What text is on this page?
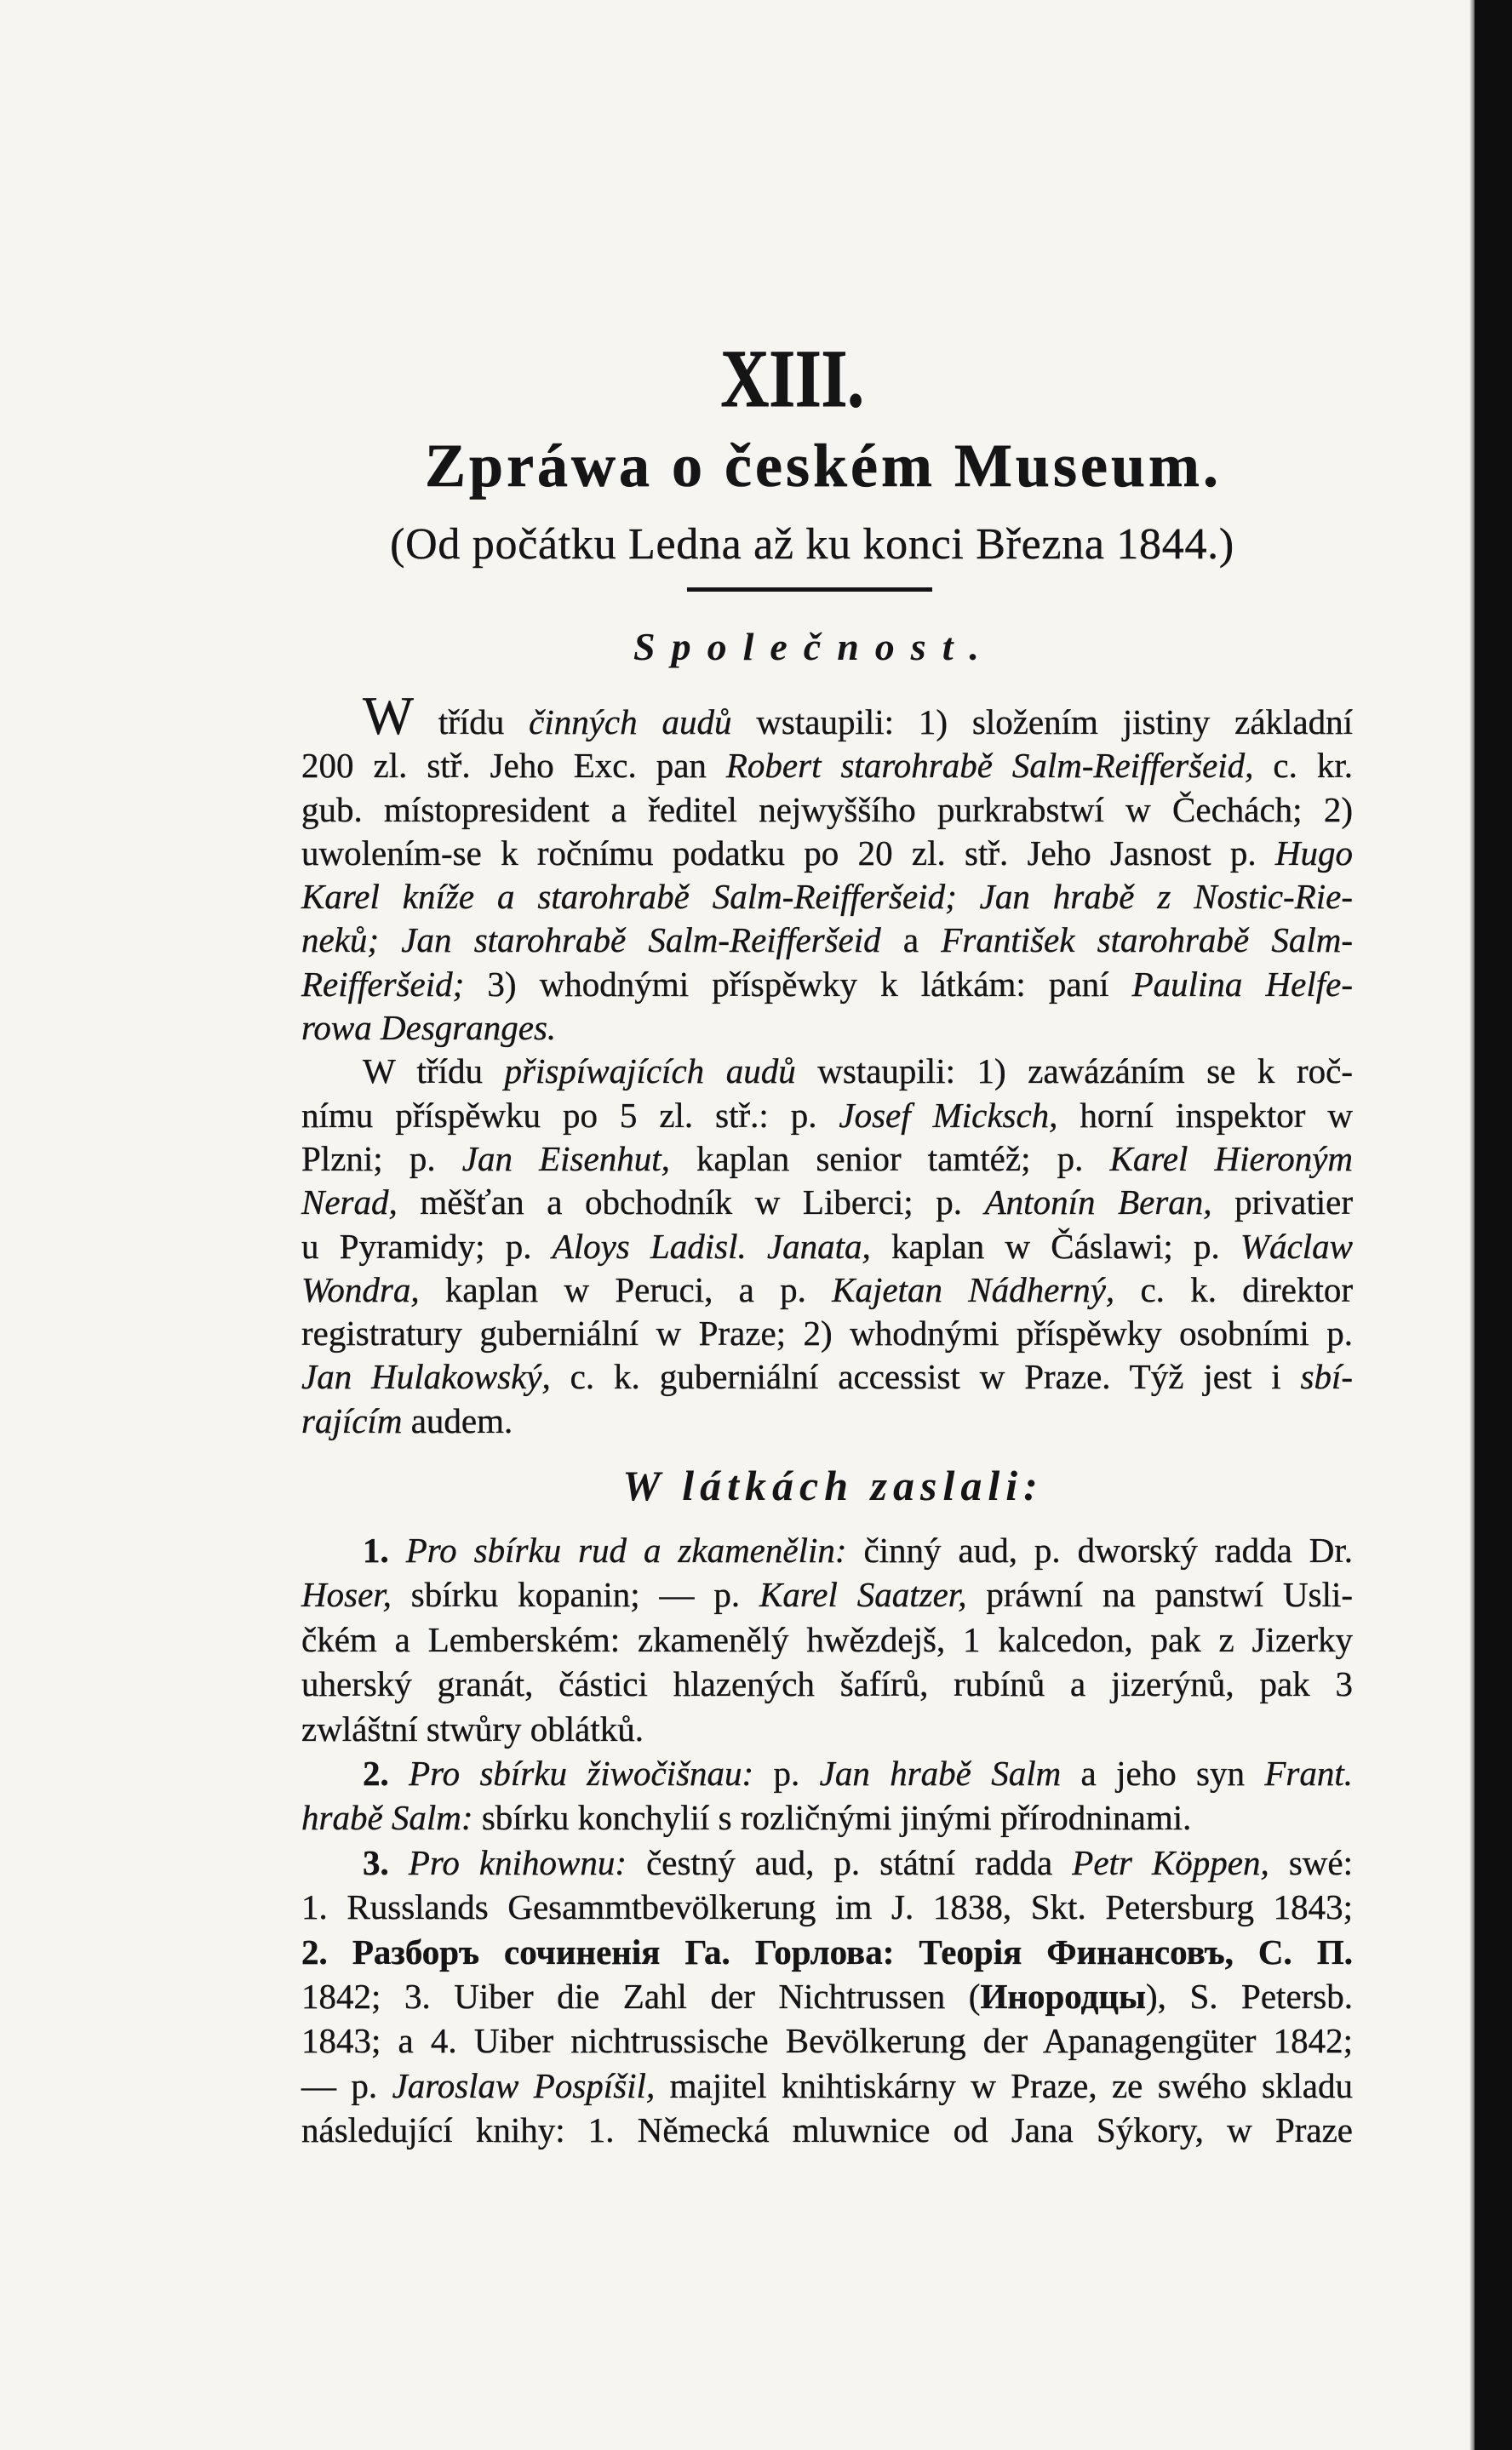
XIII.
Zpráwa o českém Museum.
(Od počátku Ledna až ku konci Března 1844.)
Společnost.
W třídu činných audů wstaupili: 1) složením jistiny základní
200 zl. stř. Jeho Exc. pan Robert starohrabě Salm-Reifferšeid, c. kr.
gub. místopresident a ředitel nejwyššího purkrabstwí w Čechách; 2)
uwolením-se k ročnímu podatku po 20 zl. stř. Jeho Jasnost p. Hugo
Karel kníže a starohrabě Salm-Reifferšeid; Jan hrabě z Nostic-Rie-
neků; Jan starohrabě Salm-Reifferšeid a František starohrabě Salm-
Reifferšeid; 3) whodnými příspěwky k látkám: paní Paulina Helfe-
rowa Desgranges.
W třídu přispíwajících audů wstaupili: 1) zawázáním se k roč-
nímu příspěwku po 5 zl. stř.: p. Josef Micksch, horní inspektor w
Plzni; p. Jan Eisenhut, kaplan senior tamtéž; p. Karel Hieroným
Nerad, měšťan a obchodník w Liberci; p. Antonín Beran, privatier
u Pyramidy; p. Aloys Ladisl. Janata, kaplan w Čáslawi; p. Wáclaw
Wondra, kaplan w Peruci, a p. Kajetan Nádherný, c. k. direktor
registratury guberniální w Praze; 2) whodnými příspěwky osobními p.
Jan Hulakowský, c. k. guberniální accessist w Praze. Týž jest i sbí-
rajícím audem.
W látkách zaslali:
1. Pro sbírku rud a zkamenělin: činný aud, p. dworský radda Dr.
Hoser, sbírku kopanin; — p. Karel Saatzer, práwní na panstwí Usli-
čkém a Lemberském: zkamenělý hwězdejš, 1 kalcedon, pak z Jizerky
uherský granát, částici hlazených šafírů, rubínů a jizerýnů, pak 3
zwláštní stwůry oblátků.
2. Pro sbírku žiwočišnau: p. Jan hrabě Salm a jeho syn Frant.
hrabě Salm: sbírku konchylií s rozličnými jinými přírodninami.
3. Pro knihownu: čestný aud, p. státní radda Petr Köppen, swé:
1. Russlands Gesammtbevölkerung im J. 1838, Skt. Petersburg 1843;
2. Разборъ сочиненія Га. Горлова: Теорія Финансовъ, С. П.
1842; 3. Uiber die Zahl der Nichtrussen (Инородцы), S. Petersb.
1843; a 4. Uiber nichtrussische Bevölkerung der Apanagengüter 1842;
— p. Jaroslaw Pospíšil, majitel knihtiskárny w Praze, ze swého skladu
následující knihy: 1. Německá mluwnice od Jana Sýkory, w Praze
